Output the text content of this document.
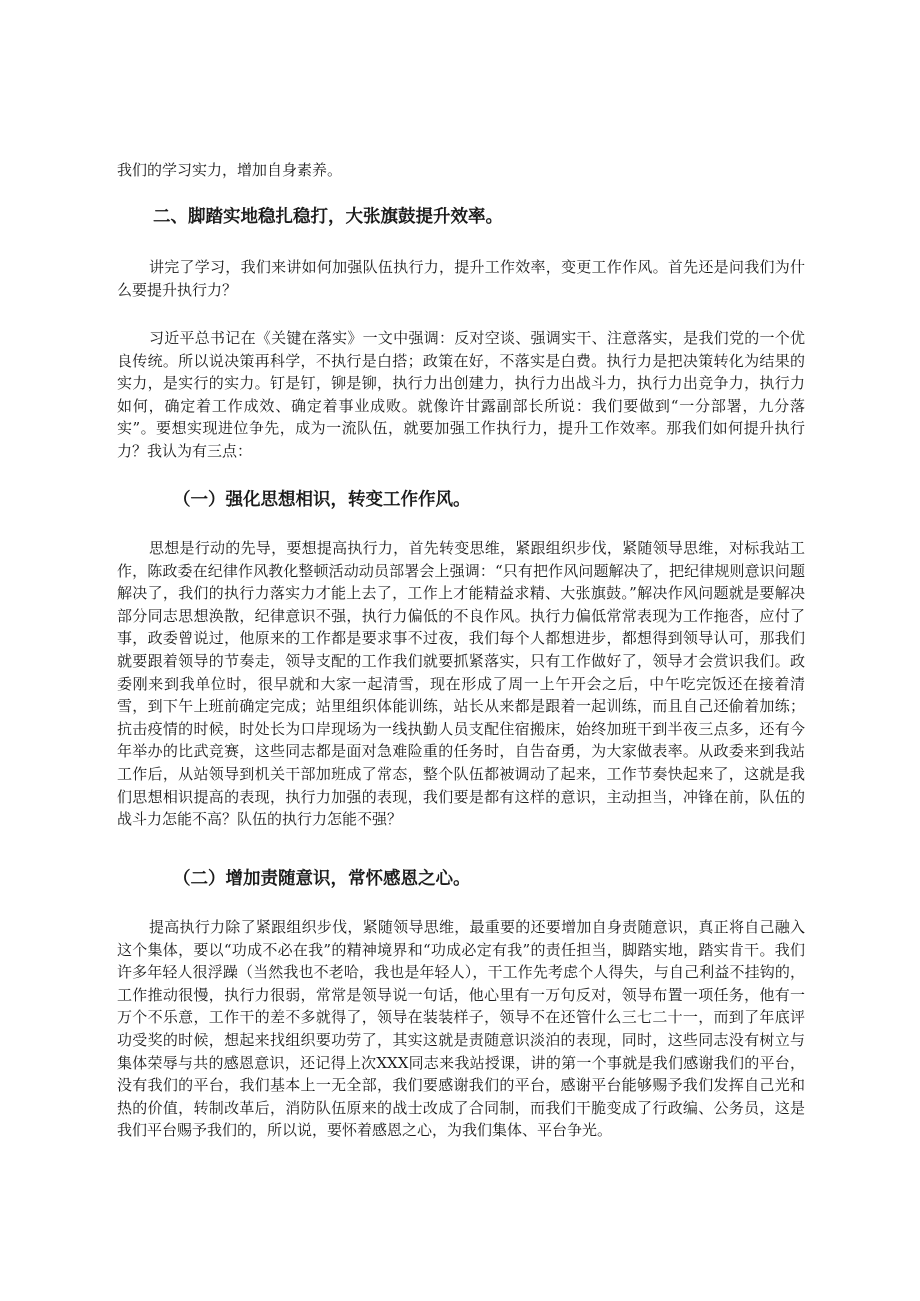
我们的学习实力，增加自身素养。

二、脚踏实地稳扎稳打，大张旗鼓提升效率。

讲完了学习，我们来讲如何加强队伍执行力，提升工作效率，变更工作作风。首先还是问我们为什么要提升执行力？

习近平总书记在《关键在落实》一文中强调：反对空谈、强调实干、注意落实，是我们党的一个优良传统。所以说决策再科学，不执行是白搭；政策在好，不落实是白费。执行力是把决策转化为结果的实力，是实行的实力。钉是钉，铆是铆，执行力出创建力，执行力出战斗力，执行力出竞争力，执行力如何，确定着工作成效、确定着事业成败。就像许甘露副部长所说：我们要做到“一分部署，九分落实”。要想实现进位争先，成为一流队伍，就要加强工作执行力，提升工作效率。那我们如何提升执行力？我认为有三点：

（一）强化思想相识，转变工作作风。

思想是行动的先导，要想提高执行力，首先转变思维，紧跟组织步伐，紧随领导思维，对标我站工作，陈政委在纪律作风教化整顿活动动员部署会上强调：“只有把作风问题解决了，把纪律规则意识问题解决了，我们的执行力落实力才能上去了，工作上才能精益求精、大张旗鼓。”解决作风问题就是要解决部分同志思想涣散，纪律意识不强，执行力偏低的不良作风。执行力偏低常常表现为工作拖沓，应付了事，政委曾说过，他原来的工作都是要求事不过夜，我们每个人都想进步，都想得到领导认可，那我们就要跟着领导的节奏走，领导支配的工作我们就要抓紧落实，只有工作做好了，领导才会赏识我们。政委刚来到我单位时，很早就和大家一起清雪，现在形成了周一上午开会之后，中午吃完饭还在接着清雪，到下午上班前确定完成；站里组织体能训练，站长从来都是跟着一起训练，而且自己还偷着加练；抗击疫情的时候，时处长为口岸现场为一线执勤人员支配住宿搬床，始终加班干到半夜三点多，还有今年举办的比武竞赛，这些同志都是面对急难险重的任务时，自告奋勇，为大家做表率。从政委来到我站工作后，从站领导到机关干部加班成了常态，整个队伍都被调动了起来，工作节奏快起来了，这就是我们思想相识提高的表现，执行力加强的表现，我们要是都有这样的意识，主动担当，冲锋在前，队伍的战斗力怎能不高？队伍的执行力怎能不强？

（二）增加责随意识，常怀感恩之心。

提高执行力除了紧跟组织步伐，紧随领导思维，最重要的还要增加自身责随意识，真正将自己融入这个集体，要以“功成不必在我”的精神境界和“功成必定有我”的责任担当，脚踏实地，踏实肯干。我们许多年轻人很浮躁（当然我也不老哈，我也是年轻人），干工作先考虑个人得失，与自己利益不挂钩的，工作推动很慢，执行力很弱，常常是领导说一句话，他心里有一万句反对，领导布置一项任务，他有一万个不乐意，工作干的差不多就得了，领导在装装样子，领导不在还管什么三七二十一，而到了年底评功受奖的时候，想起来找组织要功劳了，其实这就是责随意识淡泊的表现，同时，这些同志没有树立与集体荣辱与共的感恩意识，还记得上次XXX同志来我站授课，讲的第一个事就是我们感谢我们的平台，没有我们的平台，我们基本上一无全部，我们要感谢我们的平台，感谢平台能够赐予我们发挥自己光和热的价值，转制改革后，消防队伍原来的战士改成了合同制，而我们干脆变成了行政编、公务员，这是我们平台赐予我们的，所以说，要怀着感恩之心，为我们集体、平台争光。
